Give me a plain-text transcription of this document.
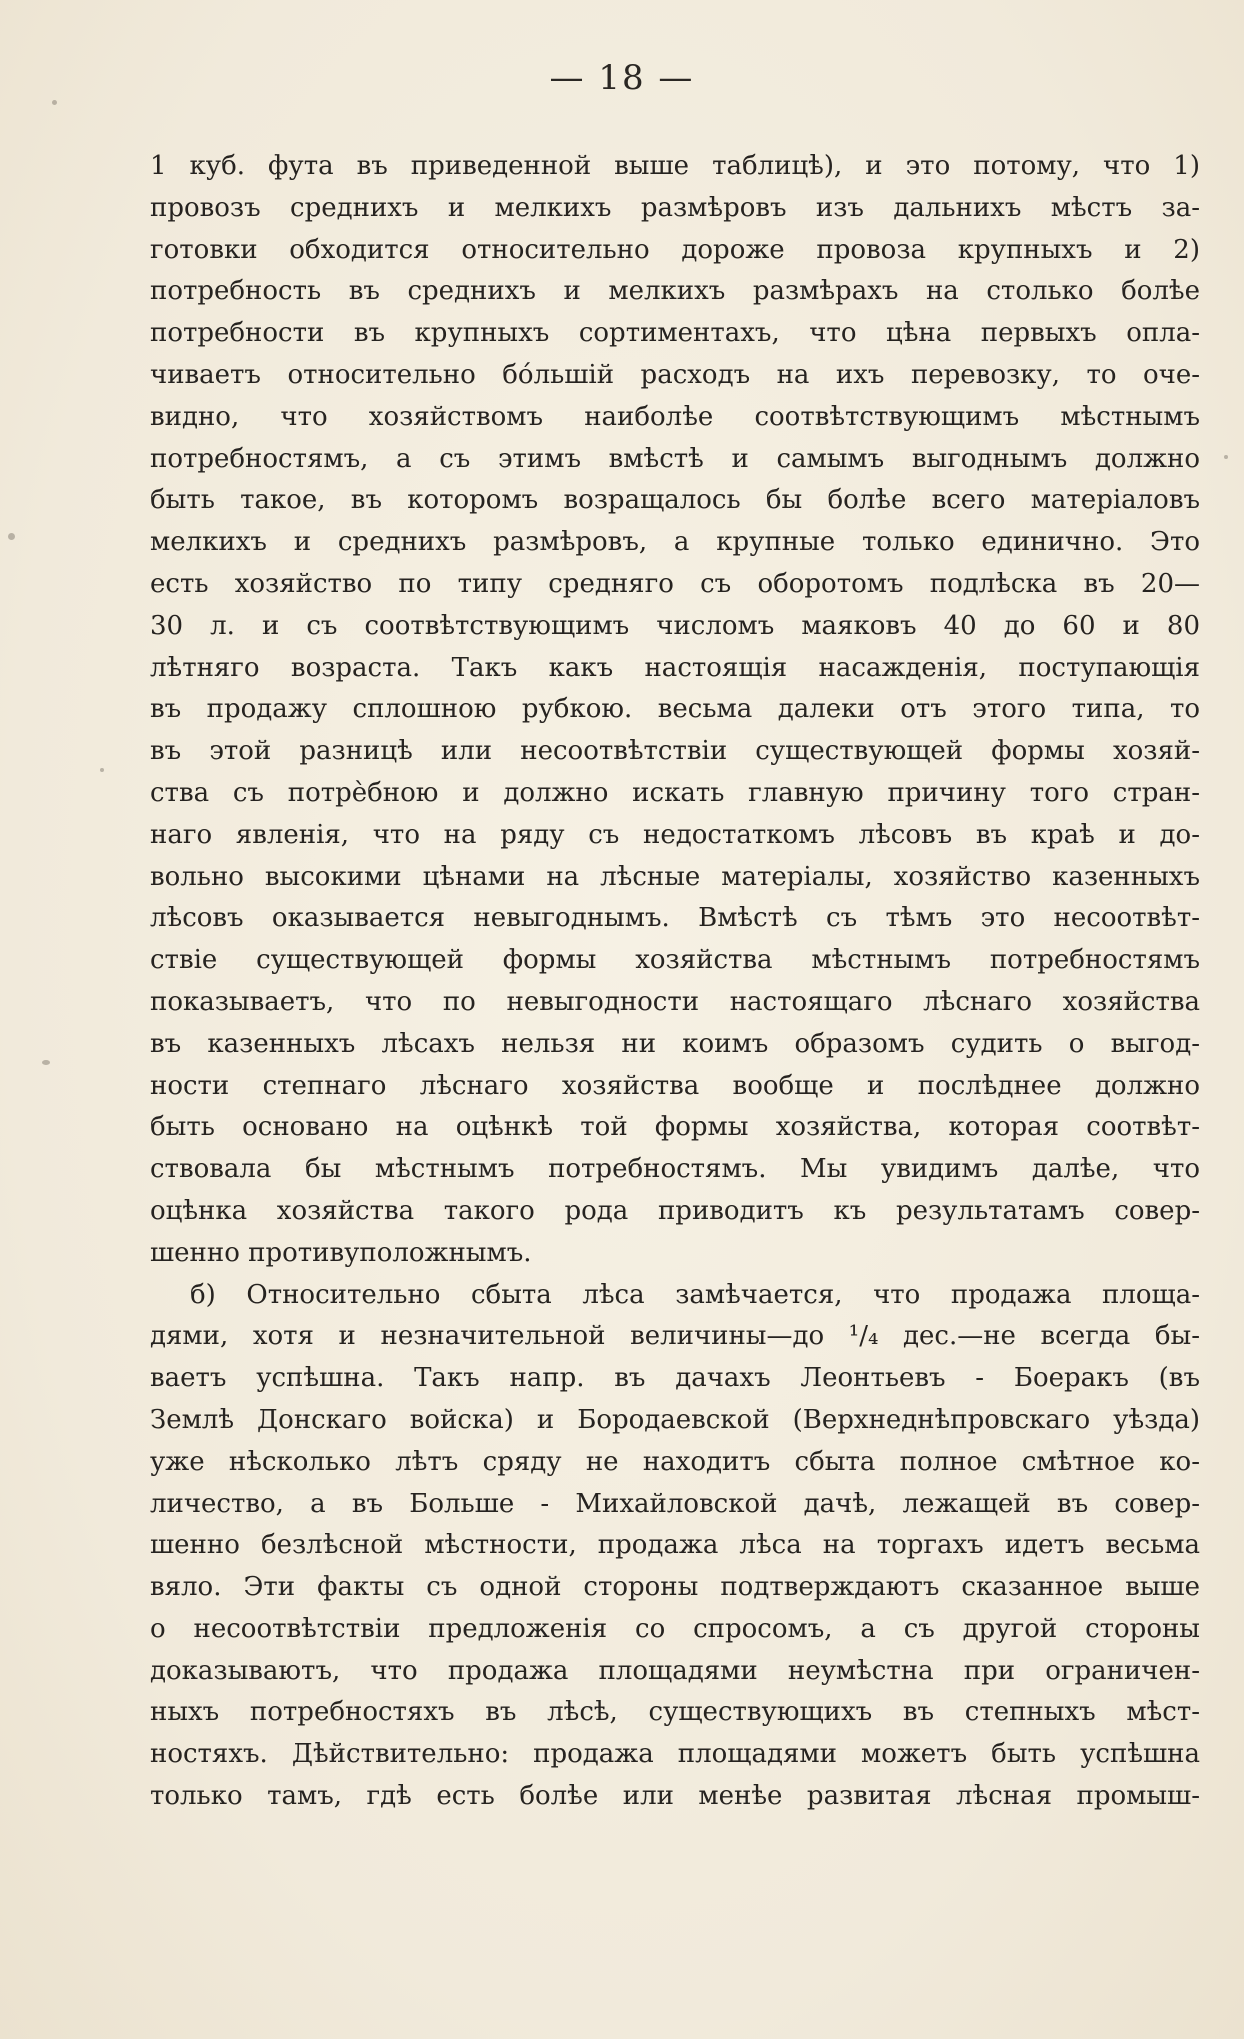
— 18 —
1 куб. фута въ приведенной выше таблицѣ), и это потому, что 1)
провозъ среднихъ и мелкихъ размѣровъ изъ дальнихъ мѣстъ за-
готовки обходится относительно дороже провоза крупныхъ и 2)
потребность въ среднихъ и мелкихъ размѣрахъ на столько болѣе
потребности въ крупныхъ сортиментахъ, что цѣна первыхъ опла-
чиваетъ относительно бо́льшій расходъ на ихъ перевозку, то оче-
видно, что хозяйствомъ наиболѣе соотвѣтствующимъ мѣстнымъ
потребностямъ, а съ этимъ вмѣстѣ и самымъ выгоднымъ должно
быть такое, въ которомъ возращалось бы болѣе всего матеріаловъ
мелкихъ и среднихъ размѣровъ, а крупные только единично. Это
есть хозяйство по типу средняго съ оборотомъ подлѣска въ 20—
30 л. и съ соотвѣтствующимъ числомъ маяковъ 40 до 60 и 80
лѣтняго возраста. Такъ какъ настоящія насажденія, поступающія
въ продажу сплошною рубкою. весьма далеки отъ этого типа, то
въ этой разницѣ или несоотвѣтствіи существующей формы хозяй-
ства съ потрѐбною и должно искать главную причину того стран-
наго явленія, что на ряду съ недостаткомъ лѣсовъ въ краѣ и до-
вольно высокими цѣнами на лѣсные матеріалы, хозяйство казенныхъ
лѣсовъ оказывается невыгоднымъ. Вмѣстѣ съ тѣмъ это несоотвѣт-
ствіе существующей формы хозяйства мѣстнымъ потребностямъ
показываетъ, что по невыгодности настоящаго лѣснаго хозяйства
въ казенныхъ лѣсахъ нельзя ни коимъ образомъ судить о выгод-
ности степнаго лѣснаго хозяйства вообще и послѣднее должно
быть основано на оцѣнкѣ той формы хозяйства, которая соотвѣт-
ствовала бы мѣстнымъ потребностямъ. Мы увидимъ далѣе, что
оцѣнка хозяйства такого рода приводитъ къ результатамъ совер-
шенно противуположнымъ.
б) Относительно сбыта лѣса замѣчается, что продажа площа-
дями, хотя и незначительной величины—до ¹/₄ дес.—не всегда бы-
ваетъ успѣшна. Такъ напр. въ дачахъ Леонтьевъ - Боеракъ (въ
Землѣ Донскаго войска) и Бородаевской (Верхнеднѣпровскаго уѣзда)
уже нѣсколько лѣтъ сряду не находитъ сбыта полное смѣтное ко-
личество, а въ Больше - Михайловской дачѣ, лежащей въ совер-
шенно безлѣсной мѣстности, продажа лѣса на торгахъ идетъ весьма
вяло. Эти факты съ одной стороны подтверждаютъ сказанное выше
о несоотвѣтствіи предложенія со спросомъ, а съ другой стороны
доказываютъ, что продажа площадями неумѣстна при ограничен-
ныхъ потребностяхъ въ лѣсѣ, существующихъ въ степныхъ мѣст-
ностяхъ. Дѣйствительно: продажа площадями можетъ быть успѣшна
только тамъ, гдѣ есть болѣе или менѣе развитая лѣсная промыш-
